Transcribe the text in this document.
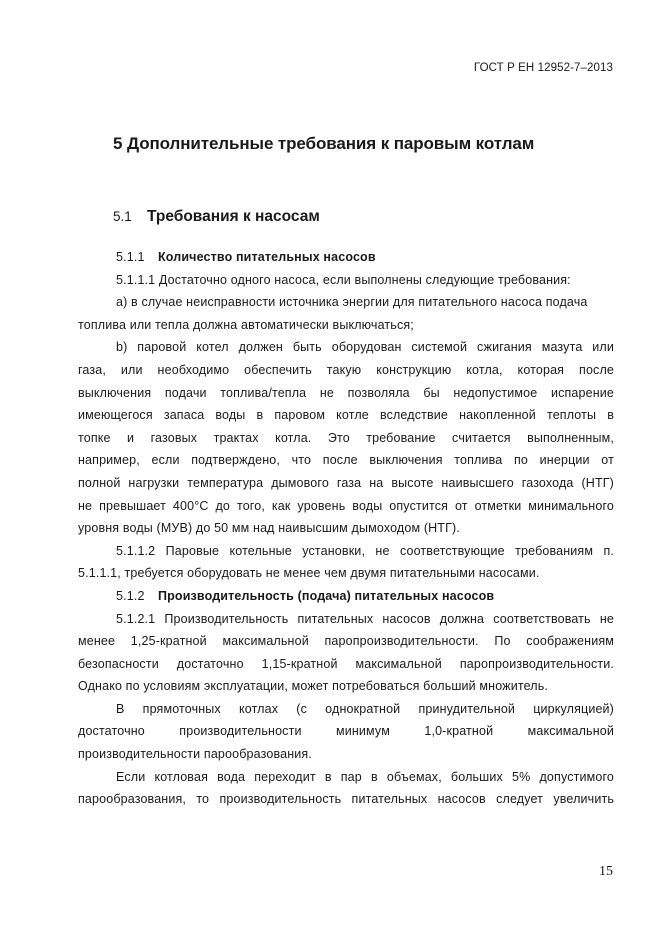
ГОСТ Р ЕН 12952-7–2013
5 Дополнительные требования к паровым котлам
5.1 Требования к насосам
5.1.1 Количество питательных насосов
5.1.1.1 Достаточно одного насоса, если выполнены следующие требования:
а) в случае неисправности источника энергии для питательного насоса подача
топлива или тепла должна автоматически выключаться;
b) паровой котел должен быть оборудован системой сжигания мазута или
газа, или необходимо обеспечить такую конструкцию котла, которая после
выключения подачи топлива/тепла не позволяла бы недопустимое испарение
имеющегося запаса воды в паровом котле вследствие накопленной теплоты в
топке и газовых трактах котла. Это требование считается выполненным,
например, если подтверждено, что после выключения топлива по инерции от
полной нагрузки температура дымового газа на высоте наивысшего газохода (НТГ)
не превышает 400°С до того, как уровень воды опустится от отметки минимального
уровня воды (МУВ) до 50 мм над наивысшим дымоходом (НТГ).
5.1.1.2 Паровые котельные установки, не соответствующие требованиям п.
5.1.1.1, требуется оборудовать не менее чем двумя питательными насосами.
5.1.2 Производительность (подача) питательных насосов
5.1.2.1 Производительность питательных насосов должна соответствовать не
менее 1,25-кратной максимальной паропроизводительности. По соображениям
безопасности достаточно 1,15-кратной максимальной паропроизводительности.
Однако по условиям эксплуатации, может потребоваться больший множитель.
В прямоточных котлах (с однократной принудительной циркуляцией)
достаточно производительности минимум 1,0-кратной максимальной
производительности парообразования.
Если котловая вода переходит в пар в объемах, больших 5% допустимого
парообразования, то производительность питательных насосов следует увеличить
15
